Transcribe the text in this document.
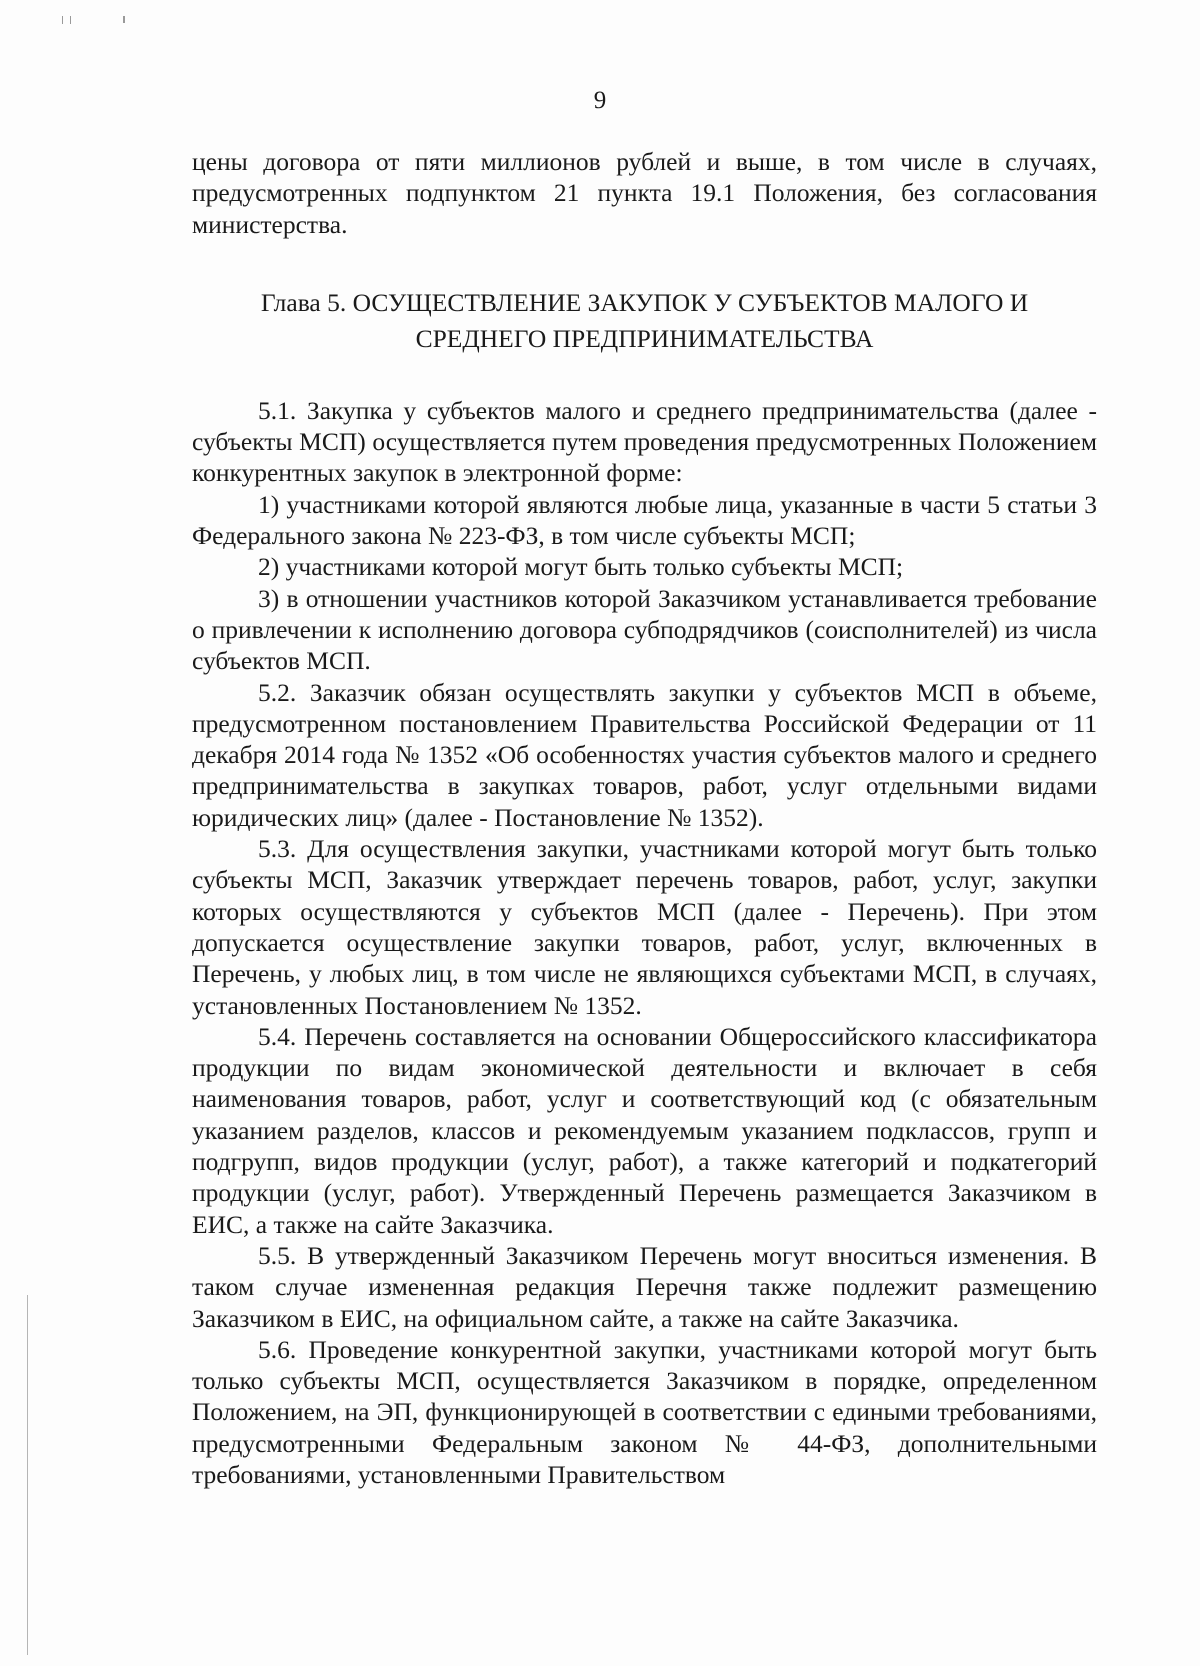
9

цены договора от пяти миллионов рублей и выше, в том числе в случаях, предусмотренных подпунктом 21 пункта 19.1 Положения, без согласования министерства.

Глава 5. ОСУЩЕСТВЛЕНИЕ ЗАКУПОК У СУБЪЕКТОВ МАЛОГО И
СРЕДНЕГО ПРЕДПРИНИМАТЕЛЬСТВА

5.1. Закупка у субъектов малого и среднего предпринимательства (далее - субъекты МСП) осуществляется путем проведения предусмотренных Положением конкурентных закупок в электронной форме:

1) участниками которой являются любые лица, указанные в части 5 статьи 3 Федерального закона № 223-ФЗ, в том числе субъекты МСП;

2) участниками которой могут быть только субъекты МСП;

3) в отношении участников которой Заказчиком устанавливается требование о привлечении к исполнению договора субподрядчиков (соисполнителей) из числа субъектов МСП.

5.2. Заказчик обязан осуществлять закупки у субъектов МСП в объеме, предусмотренном постановлением Правительства Российской Федерации от 11 декабря 2014 года № 1352 «Об особенностях участия субъектов малого и среднего предпринимательства в закупках товаров, работ, услуг отдельными видами юридических лиц» (далее - Постановление № 1352).

5.3. Для осуществления закупки, участниками которой могут быть только субъекты МСП, Заказчик утверждает перечень товаров, работ, услуг, закупки которых осуществляются у субъектов МСП (далее - Перечень). При этом допускается осуществление закупки товаров, работ, услуг, включенных в Перечень, у любых лиц, в том числе не являющихся субъектами МСП, в случаях, установленных Постановлением № 1352.

5.4. Перечень составляется на основании Общероссийского классификатора продукции по видам экономической деятельности и включает в себя наименования товаров, работ, услуг и соответствующий код (с обязательным указанием разделов, классов и рекомендуемым указанием подклассов, групп и подгрупп, видов продукции (услуг, работ), а также категорий и подкатегорий продукции (услуг, работ). Утвержденный Перечень размещается Заказчиком в ЕИС, а также на сайте Заказчика.

5.5. В утвержденный Заказчиком Перечень могут вноситься изменения. В таком случае измененная редакция Перечня также подлежит размещению Заказчиком в ЕИС, на официальном сайте, а также на сайте Заказчика.

5.6. Проведение конкурентной закупки, участниками которой могут быть только субъекты МСП, осуществляется Заказчиком в порядке, определенном Положением, на ЭП, функционирующей в соответствии с едиными требованиями, предусмотренными Федеральным законом № 44-ФЗ, дополнительными требованиями, установленными Правительством
